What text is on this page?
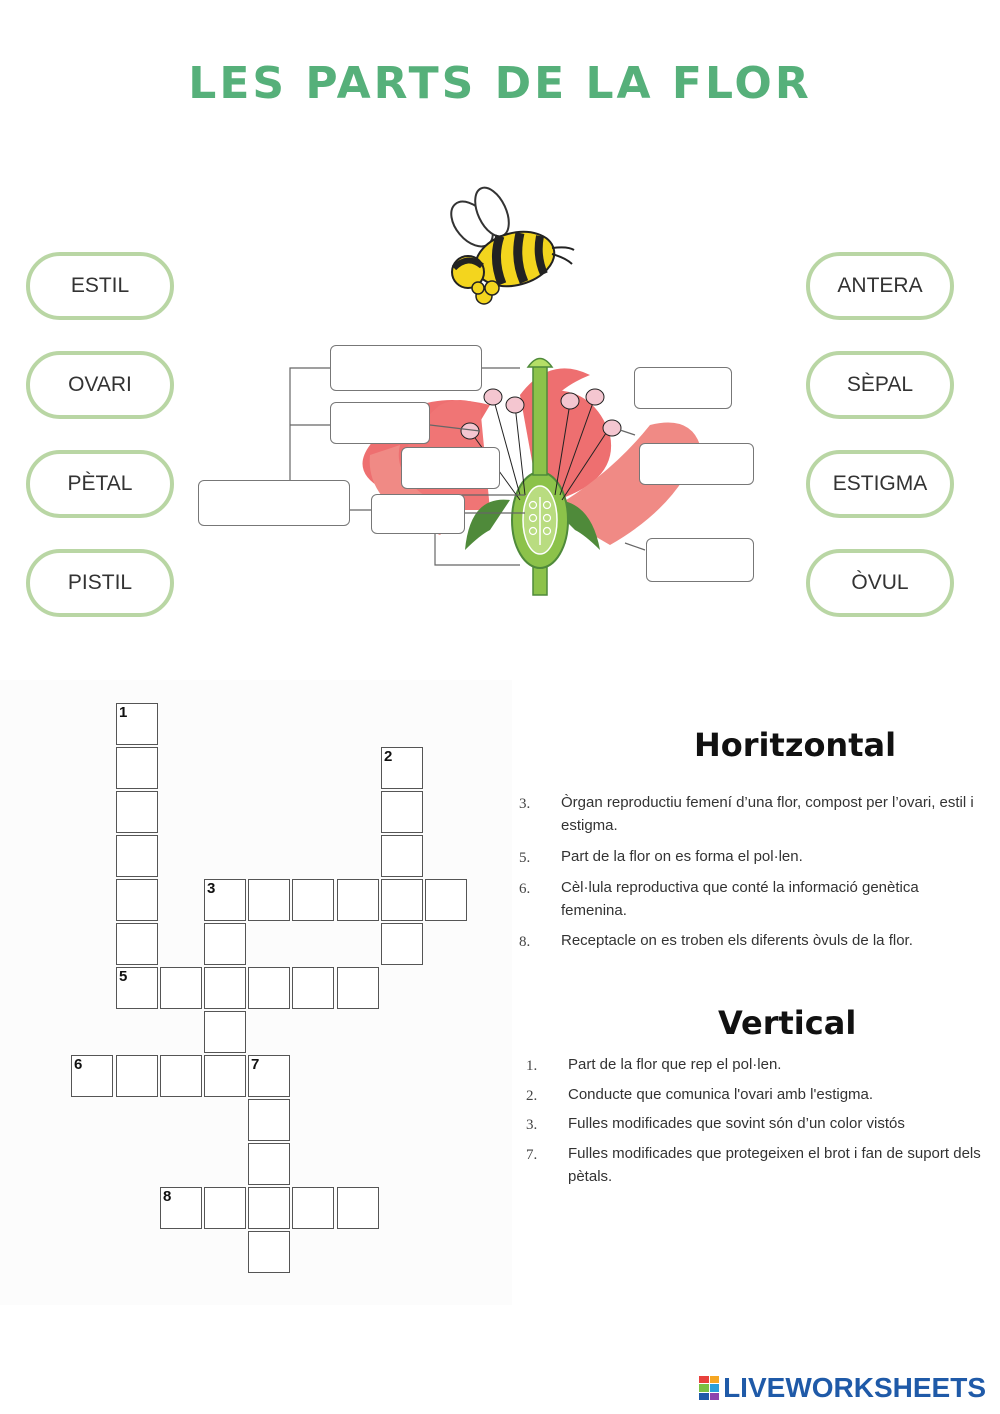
LES PARTS DE LA FLOR
ESTIL
OVARI
PÈTAL
PISTIL
ANTERA
SÈPAL
ESTIGMA
ÒVUL
1
2
3
5
6	7
8
Horitzontal
3. Òrgan reproductiu femení d’una flor, compost per l’ovari, estil i estigma.
5. Part de la flor on es forma el pol·len.
6. Cèl·lula reproductiva que conté la informació genètica femenina.
8. Receptacle on es troben els diferents òvuls de la flor.
Vertical
1. Part de la flor que rep el pol·len.
2. Conducte que comunica l'ovari amb l'estigma.
3. Fulles modificades que sovint són d’un color vistós
7. Fulles modificades que protegeixen el brot i fan de suport dels pètals.
LIVEWORKSHEETS
